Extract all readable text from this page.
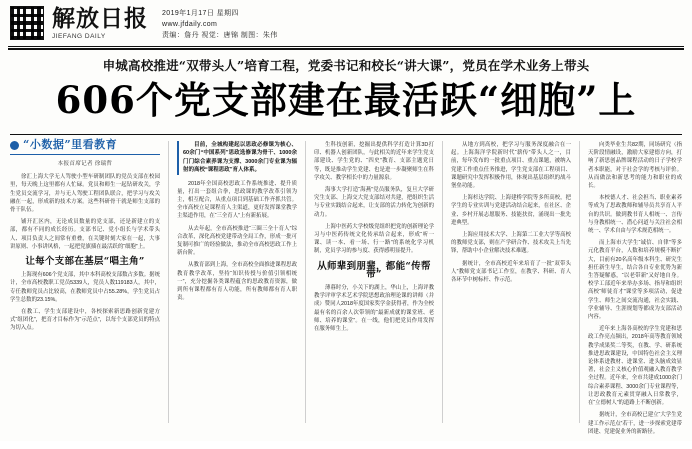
解放日报
JIEFANG DAILY
2019年1月17日 星期四
www.jfdaily.com
责编：詹丹 视觉：唐锦 制图：朱伟
申城高校推进“双带头人”培育工程，党委书记和校长“讲大课”，党员在学术业务上带头
606个党支部建在最活跃“细胞”上
“小数据”里看教育
本报首席记者 徐瑞哲

徐汇上海大学无人驾驶小型车研制团队的党员支部在校园里，每天晚上这里都有人忙碌。党员和师生一起钻研攻关，学生党员交流学习，并与无人驾驶工程团队联合，把学习与攻关融在一起，形成新的技术方案。这些科研骨干就是师生支部的骨干队伍。

铺开汇区内，无论成员数量的党支部，还是新建立的支部，都有不同的成长经历。支部书记、党小组长与学术带头人、项目负责人之间常有重叠，在关键时刻大家在一起，大事讲原则、小事讲风格，一起把党旗插在最活跃的“细胞”上。

让每个支部在基层“唱主角”

上海现有606个党支部，其中本科高校支部数占多数。据统计，全市高校教职工党员5339人，党员人数119183人，其中，专任教师党员占比较高，在教师党员中占55.28%，学生党员占学生总数的23.15%。

在教工、学生支部建设中，各校探索新思路创新党建方式“组团化”，把育才目标作为“示范点”，以每个支部党员的特点为切入点。

目前，全城构建起以思政必修课为核心、60余门“中国系列”思政选修课为骨干、1000余门门综合素养课为支撑、3000余门专业课为辐射的高校“课程思政”育人体系。

2018年全国高校思政工作系统推进、提升质量，打出一套组合拳，思政课的教学改革引领为主，相互配合，从重点项目到基础工作齐抓共管。全市高校立足课程育人主渠道，更好发挥课堂教学主渠道作用，在“三全育人”上有新拓展。

从去年起，全市高校推进“三圈三全十育人”综合改革，深化高校党建带动全局工作，形成一批可复制可推广的经验做法，推动全市高校思政工作上新台阶。

从教育部到上海，全市高校全面推进课程思政教育教学改革，坚持“知识传授与价值引领相统一”，充分挖掘各类课程蕴含的思政教育资源，做到所有课程都有育人功能，所有教师都有育人职责。

生科技创新，挖掘出提供科学打造计算3D打印、机器人创新团队，与此相关的近年来学生党支部建设、学生党的、“四史”教育、支部主题党日等，既是推动学生党建、也是进一步凝聚师生在科学攻关、教学相长中的力量源泉。

海事大学打造“海燕”党员服务队，复旦大学研究生支部、上海交大党支部结对共建，把组织生活与专业实践结合起来，让支部的活力转化为创新的动力。

上海中医药大学校级党组织把党的创新理论学习与中医药传统文化传承结合起来，形成“听一课、读一本、看一场、行一路”的系统化学习机制，党员学习的参与度、获得感明显提升。

从师辈到朋辈，都能“传帮带”

薄暮时分，小关下的湖上，华山上，上海评教教学评审学术艺术学院思想政治理论课的讲师（并成）赞同人2018年度国家奖学金获得者，作为全校最有名的百余人次带领的“最新成就的课堂班、老师、培养的课堂”。在一线，他们把党员作用发挥在服务师生上。

从地方到高校，把学习与服务深度融合在一起。上海海洋学院新时代“薪传”带头人之一，目前，每年发布的一批重点项目、重点课题，被纳入党建工作重点任务推进，学生党支部在工程项目、课题研究中发挥积极作用，体现出基层组织的战斗堡垒功能。

上海杉达学院、上海建桥学院等多所高校，把学生的专业实训与党建活动结合起来，在社区、企业、乡村开展志愿服务、技能扶贫，涌现出一批先进典型。

上海应用技术大学、上海第二工业大学等高校的教师党支部，则在产学研合作、技术攻关上当先锋，帮助中小企业解决技术难题。

据统计，全市高校近年来培育了一批“双带头人”教师党支部书记工作室，在教学、科研、育人各环节中树标杆、作示范。

向类毕业生共82期，同场研究（指天阶段情融设，激励大家建德方向，打响了新思创品牌课程活动的日子学校学者本职能，对于社会学的考核与评价。从而做法和新思考的能力和职业的成长。

本校德人才、社会担当、职业素养等成为了思政教师和辅导员共享育人平台的共识。做到教书育人相统一、言传与身教相统一、潜心问道与关注社会相统一、学术自由与学术规范相统一。

而上海市大学生“诚信、自律”等多元化教育平台，人数和培养规模不断扩大，目前有20名高年级本科生、研究生担任新生导生，结合各自专业优势为新生答疑解惑，“以老带新”又好地自身。校学工部近年来举办多场、指导和组织高校“师徒育才”课堂等多项活动，促进学生、师生之间交流沟通，社会实践、学业辅导、生涯规划等都成为支部活动内容。

近年来上海各高校的学生党建和思政工作亮点频出，2018年高等教育领域教学成果奖二等奖，在教、学、研系统推进思政课建设，中国特色社会主义理论体系进教材、进课堂、进头脑成效显著，社会主义核心价值观融入教育教学全过程。近年来，全市共建成1000余门综合素养课程、3000余门专业课程等，让思政教育元素贯穿融入日常教学，在“立德树人”的道路上不断创新。

据统计，全市高校已建立“大学生党建工作示范点”若干，进一步探索党建带团建、党建促业务的新路径。
